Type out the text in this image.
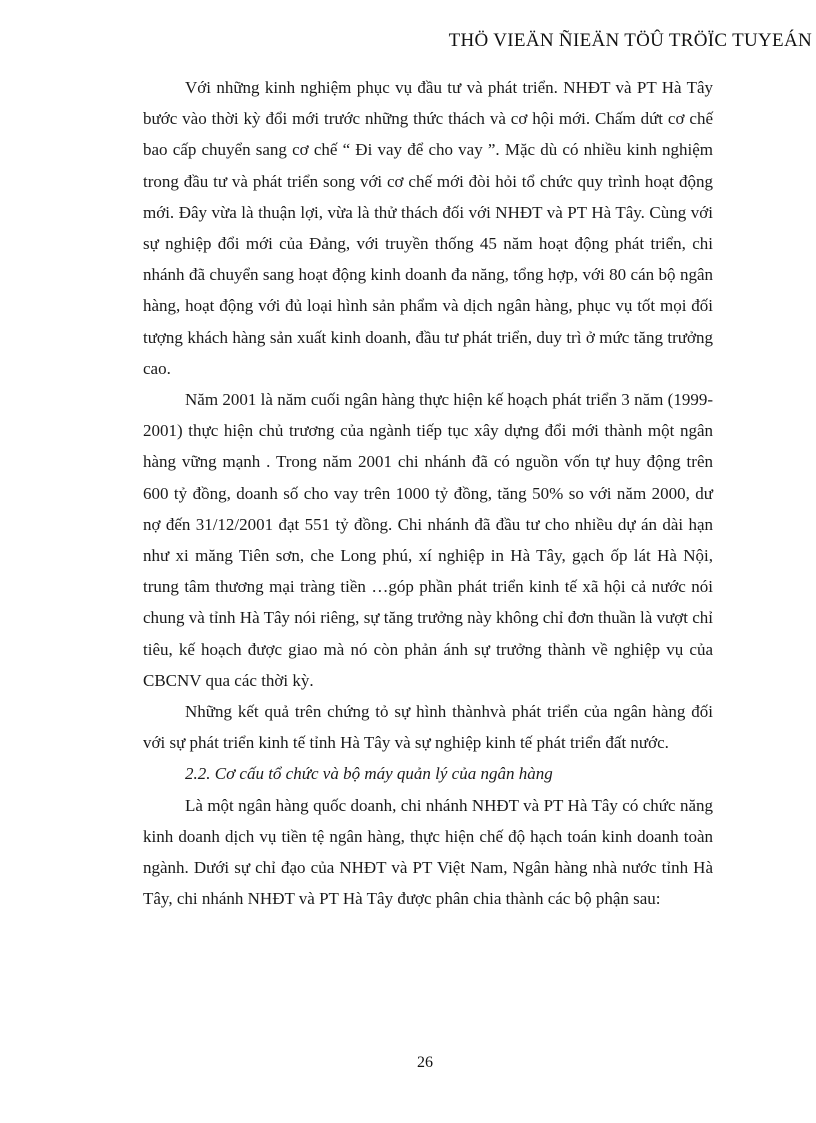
THÖ VIEÄN ÑIEÄN TÖÛ TRÖÏC TUYEÁN

Với những kinh nghiệm phục vụ đầu tư và phát triển. NHĐT và PT Hà Tây bước vào thời kỳ đổi mới trước những thức thách và cơ hội mới. Chấm dứt cơ chế bao cấp chuyển sang cơ chế “ Đi vay để cho vay ”. Mặc dù có nhiều kinh nghiệm trong đầu tư và phát triển song với cơ chế mới đòi hỏi tổ chức quy trình hoạt động mới. Đây vừa là thuận lợi, vừa là thử thách đối với NHĐT và PT Hà Tây. Cùng với sự nghiệp đổi mới của Đảng, với truyền thống 45 năm hoạt động phát triển, chi nhánh đã chuyển sang hoạt động kinh doanh đa năng, tổng hợp, với 80 cán bộ ngân hàng, hoạt động với đủ loại hình sản phẩm và dịch ngân hàng, phục vụ tốt mọi đối tượng khách hàng sản xuất kinh doanh, đầu tư phát triển, duy trì ở mức tăng trưởng cao.

Năm 2001 là năm cuối ngân hàng thực hiện kế hoạch phát triển 3 năm (1999- 2001) thực hiện chủ trương của ngành tiếp tục xây dựng đổi mới thành một ngân hàng vững mạnh . Trong năm 2001 chi nhánh đã có nguồn vốn tự huy động trên 600 tỷ đồng, doanh số cho vay trên 1000 tỷ đồng, tăng 50% so với năm 2000, dư nợ đến 31/12/2001 đạt 551 tỷ đồng. Chi nhánh đã đầu tư cho nhiều dự án dài hạn như xi măng Tiên sơn, che Long phú, xí nghiệp in Hà Tây, gạch ốp lát Hà Nội, trung tâm thương mại tràng tiền …góp phần phát triển kinh tế xã hội cả nước nói chung và tỉnh Hà Tây nói riêng, sự tăng trưởng này không chỉ đơn thuần là vượt chỉ tiêu, kế hoạch được giao mà nó còn phản ánh sự trưởng thành về nghiệp vụ của CBCNV qua các thời kỳ.

Những kết quả trên chứng tỏ sự hình thànhvà phát triển của ngân hàng đối với sự phát triển kinh tế tỉnh Hà Tây và sự nghiệp kinh tế phát triển đất nước.

2.2. Cơ cấu tổ chức và bộ máy quản lý của ngân hàng

Là một ngân hàng quốc doanh, chi nhánh NHĐT và PT Hà Tây có chức năng kinh doanh dịch vụ tiền tệ ngân hàng, thực hiện chế độ hạch toán kinh doanh toàn ngành. Dưới sự chỉ đạo của NHĐT và PT Việt Nam, Ngân hàng nhà nước tỉnh Hà Tây, chi nhánh NHĐT và PT Hà Tây được phân chia thành các bộ phận sau:

26
